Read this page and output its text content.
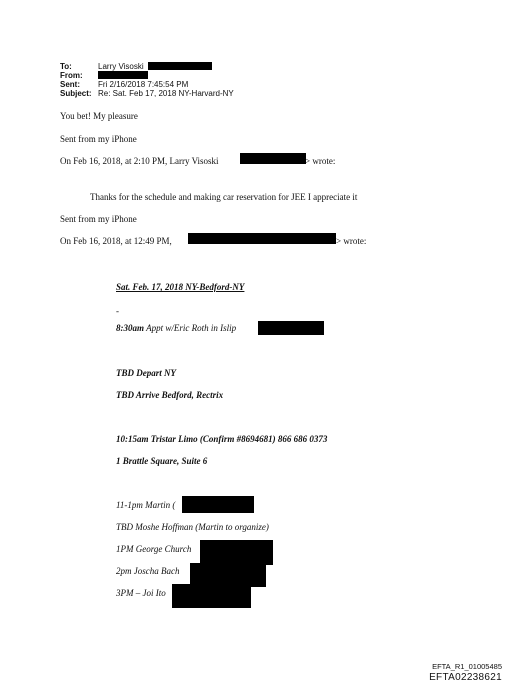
To:	Larry Visoski
From:
Sent: Fri 2/16/2018 7:45:54 PM
Subject: Re: Sat. Feb 17, 2018 NY-Harvard-NY
You bet! My pleasure
Sent from my iPhone
On Feb 16, 2018, at 2:10 PM, Larry Visoski	> wrote:
Thanks for the schedule and making car reservation for JEE I appreciate it
Sent from my iPhone
On Feb 16, 2018, at 12:49 PM,	> wrote:
Sat. Feb. 17, 2018 NY-Bedford-NY
-
8:30am Appt w/Eric Roth in Islip
TBD Depart NY
TBD Arrive Bedford, Rectrix
10:15am Tristar Limo (Confirm #8694681) 866 686 0373
1 Brattle Square, Suite 6
11-1pm Martin (
TBD Moshe Hoffman (Martin to organize)
1PM George Church
2pm Joscha Bach
3PM – Joi Ito
EFTA_R1_01005485
EFTA02238621
